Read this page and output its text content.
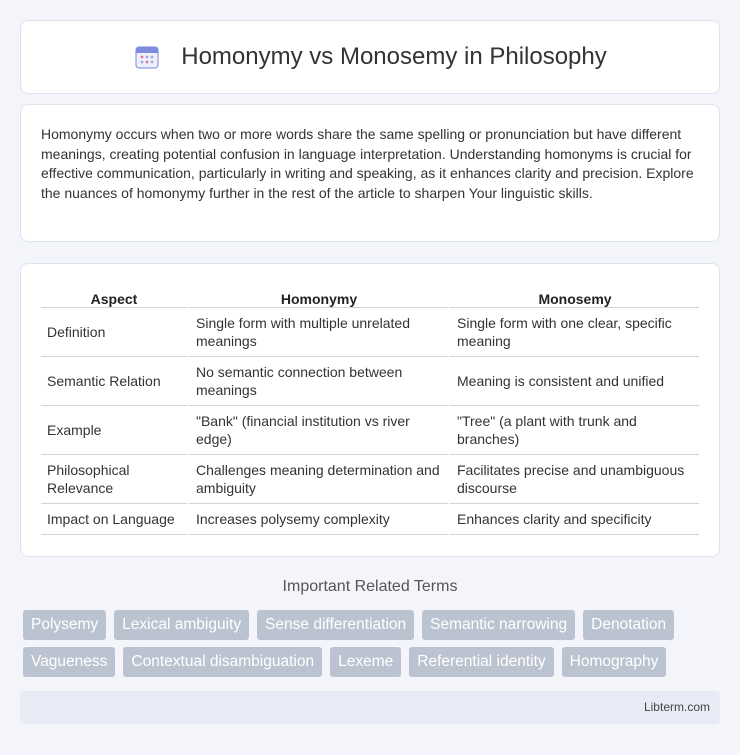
Homonymy vs Monosemy in Philosophy

Homonymy occurs when two or more words share the same spelling or pronunciation but have different meanings, creating potential confusion in language interpretation. Understanding homonyms is crucial for effective communication, particularly in writing and speaking, as it enhances clarity and precision. Explore the nuances of homonymy further in the rest of the article to sharpen Your linguistic skills.

Aspect	Homonymy	Monosemy
Definition	Single form with multiple unrelated meanings	Single form with one clear, specific meaning
Semantic Relation	No semantic connection between meanings	Meaning is consistent and unified
Example	"Bank" (financial institution vs river edge)	"Tree" (a plant with trunk and branches)
Philosophical Relevance	Challenges meaning determination and ambiguity	Facilitates precise and unambiguous discourse
Impact on Language	Increases polysemy complexity	Enhances clarity and specificity
Important Related Terms
Polysemy	Lexical ambiguity	Sense differentiation	Semantic narrowing	Denotation
Vagueness	Contextual disambiguation	Lexeme	Referential identity	Homography
Libterm.com
